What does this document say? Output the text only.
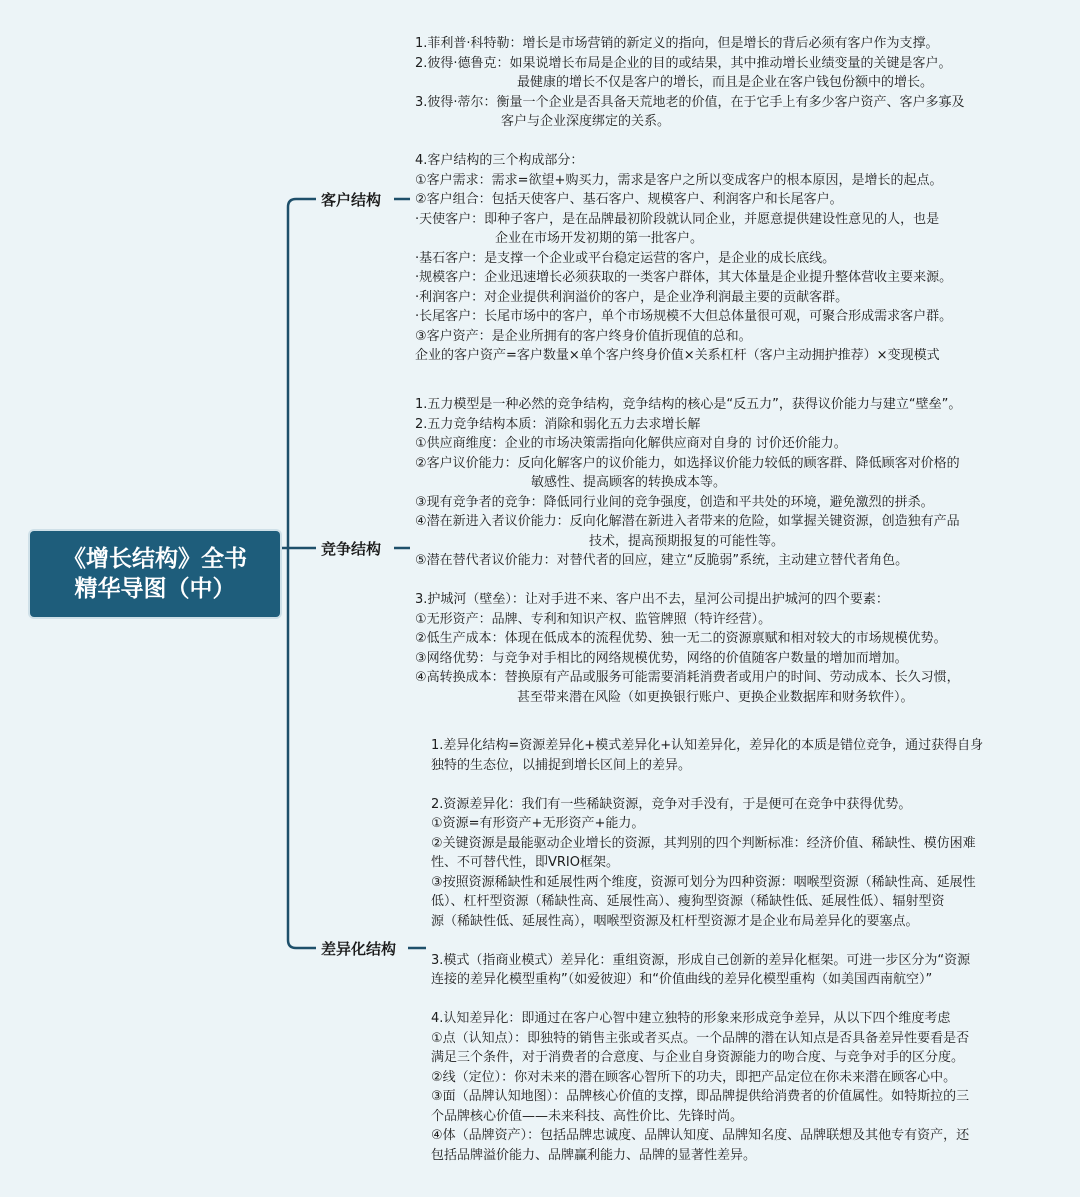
《增长结构》全书
精华导图（中）
客户结构
竞争结构
差异化结构
1.菲利普·科特勒：增长是市场营销的新定义的指向，但是增长的背后必须有客户作为支撑。
2.彼得·德鲁克：如果说增长布局是企业的目的或结果，其中推动增长业绩变量的关键是客户。
最健康的增长不仅是客户的增长，而且是企业在客户钱包份额中的增长。
3.彼得·蒂尔：衡量一个企业是否具备天荒地老的价值，在于它手上有多少客户资产、客户多寡及
客户与企业深度绑定的关系。
4.客户结构的三个构成部分：
①客户需求：需求=欲望+购买力，需求是客户之所以变成客户的根本原因，是增长的起点。
②客户组合：包括天使客户、基石客户、规模客户、利润客户和长尾客户。
·天使客户：即种子客户，是在品牌最初阶段就认同企业，并愿意提供建设性意见的人，也是
企业在市场开发初期的第一批客户。
·基石客户：是支撑一个企业或平台稳定运营的客户，是企业的成长底线。
·规模客户：企业迅速增长必须获取的一类客户群体，其大体量是企业提升整体营收主要来源。
·利润客户：对企业提供利润溢价的客户，是企业净利润最主要的贡献客群。
·长尾客户：长尾市场中的客户，单个市场规模不大但总体量很可观，可聚合形成需求客户群。
③客户资产：是企业所拥有的客户终身价值折现值的总和。
企业的客户资产=客户数量×单个客户终身价值×关系杠杆（客户主动拥护推荐）×变现模式
1.五力模型是一种必然的竞争结构，竞争结构的核心是“反五力”，获得议价能力与建立“壁垒”。
2.五力竞争结构本质：消除和弱化五力去求增长解
①供应商维度：企业的市场决策需指向化解供应商对自身的 讨价还价能力。
②客户议价能力：反向化解客户的议价能力，如选择议价能力较低的顾客群、降低顾客对价格的
敏感性、提高顾客的转换成本等。
③现有竞争者的竞争：降低同行业间的竞争强度，创造和平共处的环境，避免激烈的拼杀。
④潜在新进入者议价能力：反向化解潜在新进入者带来的危险，如掌握关键资源，创造独有产品
技术，提高预期报复的可能性等。
⑤潜在替代者议价能力：对替代者的回应，建立“反脆弱”系统，主动建立替代者角色。
3.护城河（壁垒）：让对手进不来、客户出不去，星河公司提出护城河的四个要素：
①无形资产：品牌、专利和知识产权、监管牌照（特许经营）。
②低生产成本：体现在低成本的流程优势、独一无二的资源禀赋和相对较大的市场规模优势。
③网络优势：与竞争对手相比的网络规模优势，网络的价值随客户数量的增加而增加。
④高转换成本：替换原有产品或服务可能需要消耗消费者或用户的时间、劳动成本、长久习惯，
甚至带来潜在风险（如更换银行账户、更换企业数据库和财务软件）。
1.差异化结构=资源差异化+模式差异化+认知差异化，差异化的本质是错位竞争，通过获得自身
独特的生态位，以捕捉到增长区间上的差异。
2.资源差异化：我们有一些稀缺资源，竞争对手没有，于是便可在竞争中获得优势。
①资源=有形资产+无形资产+能力。
②关键资源是最能驱动企业增长的资源，其判别的四个判断标准：经济价值、稀缺性、模仿困难
性、不可替代性，即VRIO框架。
③按照资源稀缺性和延展性两个维度，资源可划分为四种资源：咽喉型资源（稀缺性高、延展性
低）、杠杆型资源（稀缺性高、延展性高）、瘦狗型资源（稀缺性低、延展性低）、辐射型资
源（稀缺性低、延展性高），咽喉型资源及杠杆型资源才是企业布局差异化的要塞点。
3.模式（指商业模式）差异化：重组资源，形成自己创新的差异化框架。可进一步区分为“资源
连接的差异化模型重构”（如爱彼迎）和“价值曲线的差异化模型重构（如美国西南航空）”
4.认知差异化：即通过在客户心智中建立独特的形象来形成竞争差异，从以下四个维度考虑
①点（认知点）：即独特的销售主张或者买点。一个品牌的潜在认知点是否具备差异性要看是否
满足三个条件，对于消费者的合意度、与企业自身资源能力的吻合度、与竞争对手的区分度。
②线（定位）：你对未来的潜在顾客心智所下的功夫，即把产品定位在你未来潜在顾客心中。
③面（品牌认知地图）：品牌核心价值的支撑，即品牌提供给消费者的价值属性。如特斯拉的三
个品牌核心价值——未来科技、高性价比、先锋时尚。
④体（品牌资产）：包括品牌忠诚度、品牌认知度、品牌知名度、品牌联想及其他专有资产，还
包括品牌溢价能力、品牌赢利能力、品牌的显著性差异。
